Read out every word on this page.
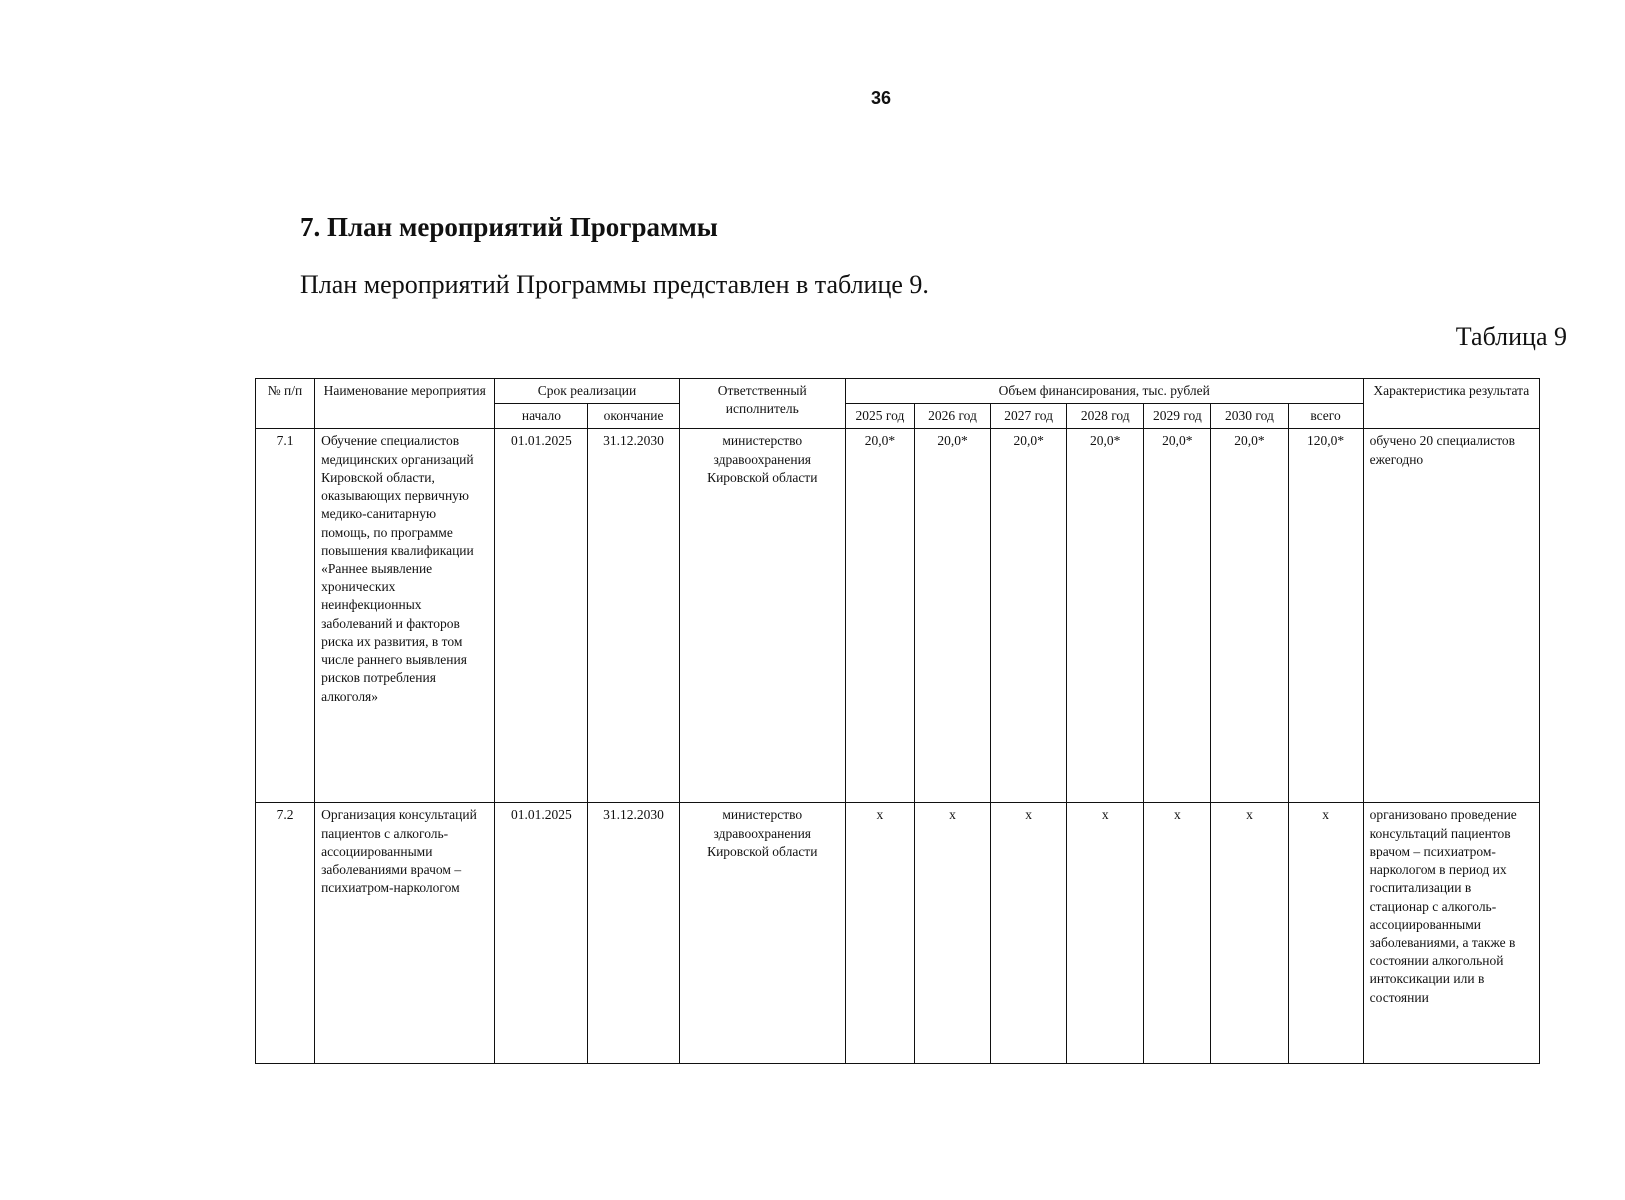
36
7. План мероприятий Программы

План мероприятий Программы представлен в таблице 9.

Таблица 9

№ п/п	Наименование мероприятия	Срок реализации		Ответственный исполнитель	Объем финансирования, тыс. рублей							Характеристика результата
		начало	окончание		2025 год	2026 год	2027 год	2028 год	2029 год	2030 год	всего	
7.1	Обучение специалистов медицинских организаций Кировской области, оказывающих первичную медико-санитарную помощь, по программе повышения квалификации «Раннее выявление хронических неинфекционных заболеваний и факторов риска их развития, в том числе раннего выявления рисков потребления алкоголя»	01.01.2025	31.12.2030	министерство здравоохранения Кировской области	20,0*	20,0*	20,0*	20,0*	20,0*	20,0*	120,0*	обучено 20 специалистов ежегодно
7.2	Организация консультаций пациентов с алкоголь-ассоциированными заболеваниями врачом – психиатром-наркологом	01.01.2025	31.12.2030	министерство здравоохранения Кировской области	x	x	x	x	x	x	x	организовано проведение консультаций пациентов врачом – психиатром-наркологом в период их госпитализации в стационар с алкоголь-ассоциированными заболеваниями, а также в состоянии алкогольной интоксикации или в состоянии
